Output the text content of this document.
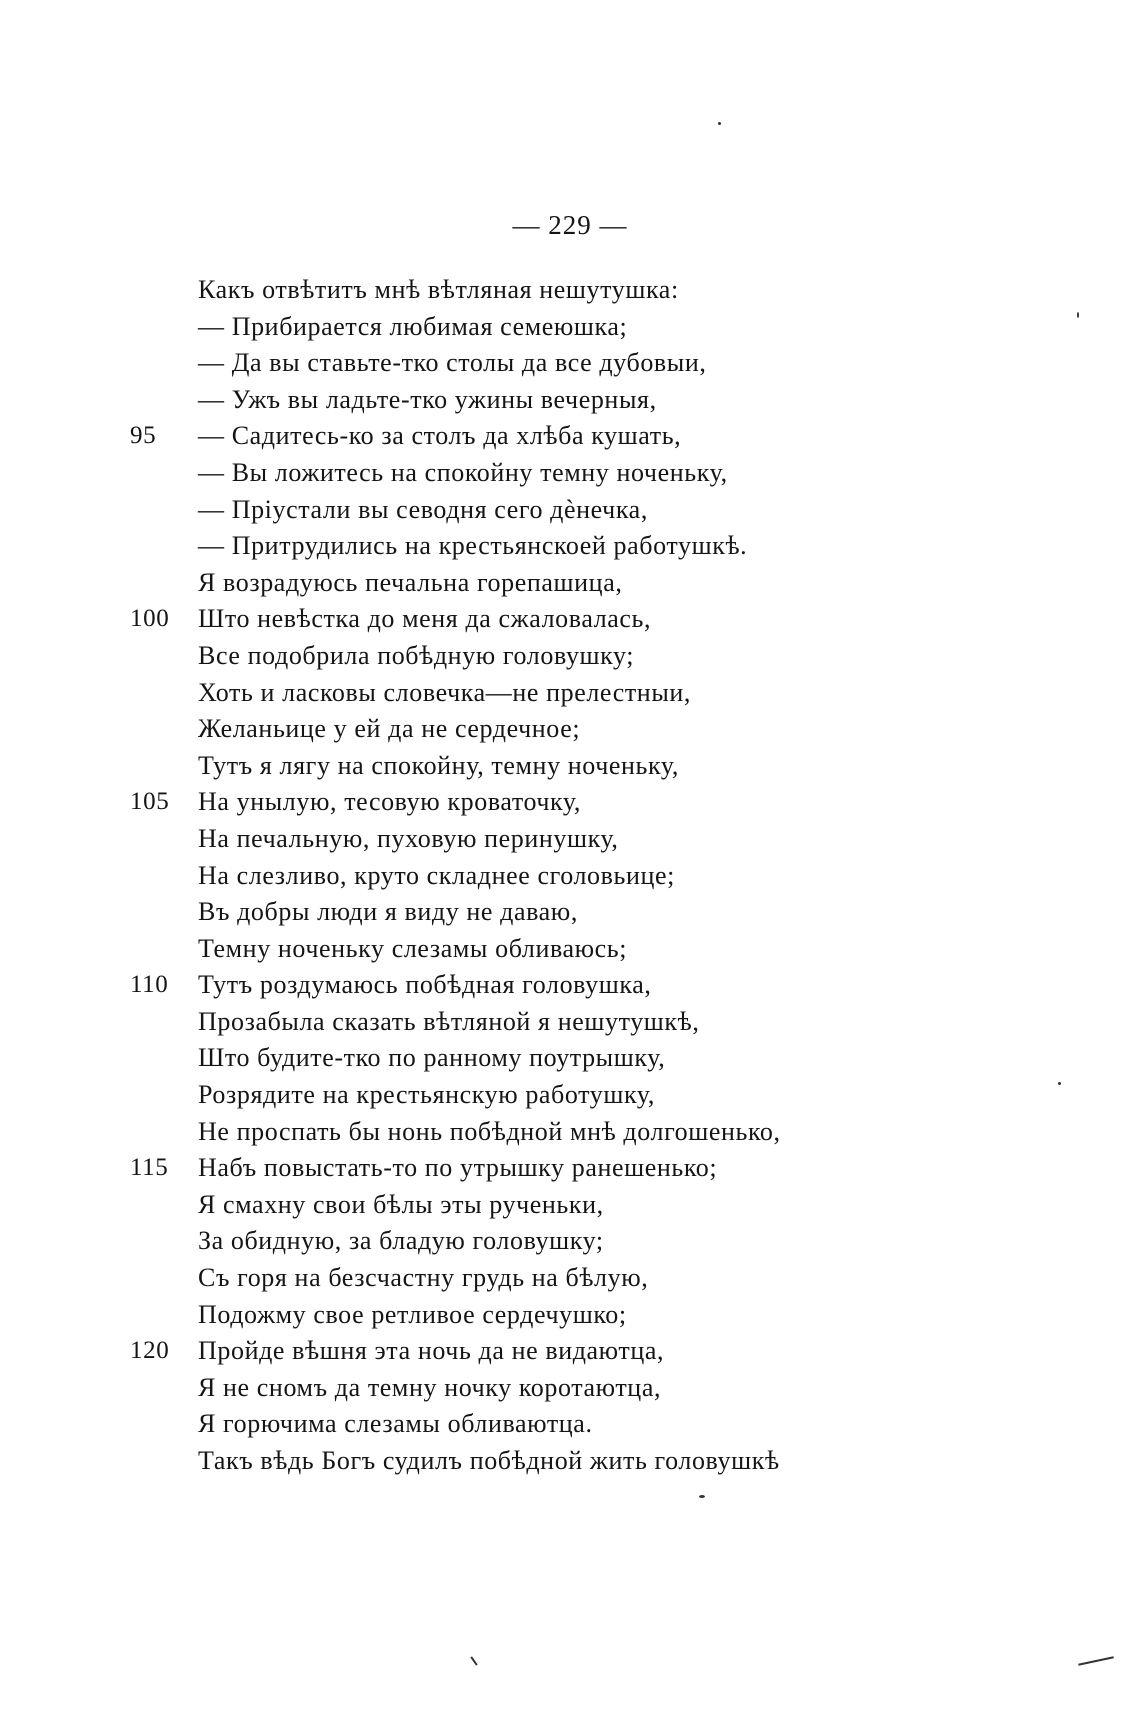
— 229 —
Какъ отвѣтитъ мнѣ вѣтляная нешутушка:
— Прибирается любимая семеюшка;
— Да вы ставьте-тко столы да все дубовыи,
— Ужъ вы ладьте-тко ужины вечерныя,
95	— Садитесь-ко за столъ да хлѣба кушать,
— Вы ложитесь на спокойну темну ноченьку,
— Прiустали вы севодня сего дѐнечка,
— Притрудились на крестьянскоей работушкѣ.
Я возрадуюсь печальна горепашица,
100	Што невѣстка до меня да сжаловалась,
Все подобрила побѣдную головушку;
Хоть и ласковы словечка—не прелестныи,
Желаньице у ей да не сердечное;
Тутъ я лягу на спокойну, темну ноченьку,
105	На унылую, тесовую кроваточку,
На печальную, пуховую перинушку,
На слезливо, круто складнее сголовьице;
Въ добры люди я виду не даваю,
Темну ноченьку слезамы обливаюсь;
110	Тутъ роздумаюсь побѣдная головушка,
Прозабыла сказать вѣтляной я нешутушкѣ,
Што будите-тко по ранному поутрышку,
Розрядите на крестьянскую работушку,
Не проспать бы нонь побѣдной мнѣ долгошенько,
115	Набъ повыстать-то по утрышку ранешенько;
Я смахну свои бѣлы эты рученьки,
За обидную, за бладую головушку;
Съ горя на безсчастну грудь на бѣлую,
Подожму свое ретливое сердечушко;
120	Пройде вѣшня эта ночь да не видаютца,
Я не сномъ да темну ночку коротаютца,
Я горючима слезамы обливаютца.
Такъ вѣдь Богъ судилъ побѣдной жить головушкѣ
